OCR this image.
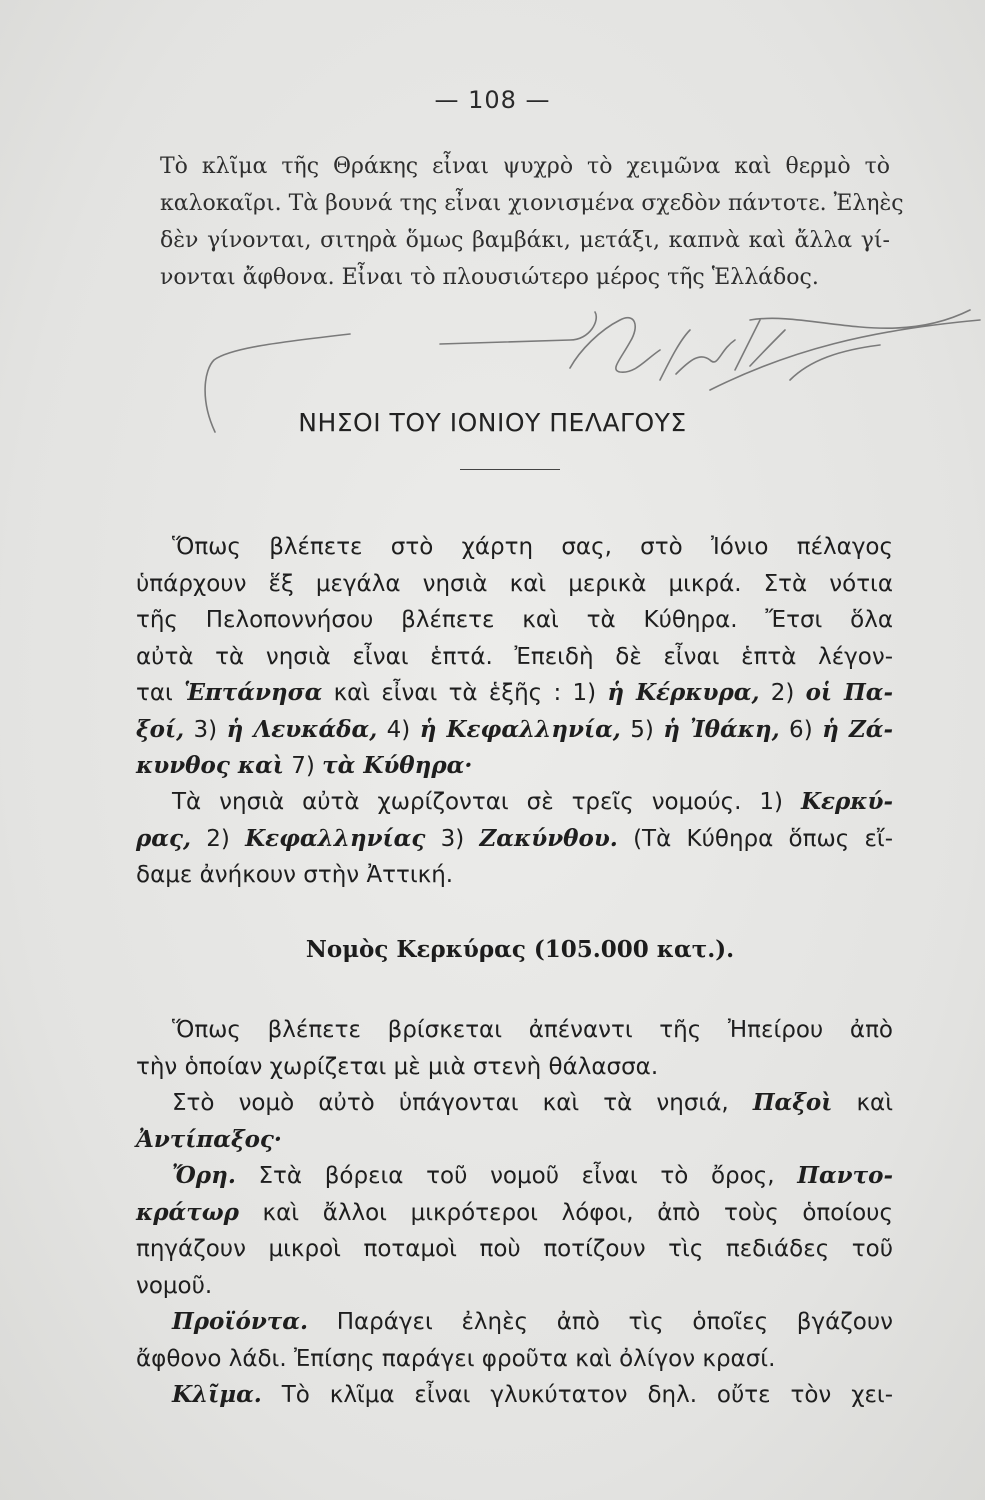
— 108 —
Τὸ κλῖμα τῆς Θράκης εἶναι ψυχρὸ τὸ χειμῶνα καὶ θερμὸ τὸ
καλοκαῖρι. Τὰ βουνά της εἶναι χιονισμένα σχεδὸν πάντοτε. Ἐληὲς
δὲν γίνονται, σιτηρὰ ὅμως βαμβάκι, μετάξι, καπνὰ καὶ ἄλλα γί-
νονται ἄφθονα. Εἶναι τὸ πλουσιώτερο μέρος τῆς Ἑλλάδος.
ΝΗΣΟΙ ΤΟΥ ΙΟΝΙΟΥ ΠΕΛΑΓΟΥΣ
Ὅπως βλέπετε στὸ χάρτη σας, στὸ Ἰόνιο πέλαγος
ὑπάρχουν ἕξ μεγάλα νησιὰ καὶ μερικὰ μικρά. Στὰ νότια
τῆς Πελοποννήσου βλέπετε καὶ τὰ Κύθηρα. Ἔτσι ὅλα
αὐτὰ τὰ νησιὰ εἶναι ἑπτά. Ἐπειδὴ δὲ εἶναι ἑπτὰ λέγον-
ται Ἑπτάνησα καὶ εἶναι τὰ ἑξῆς : 1) ἡ Κέρκυρα, 2) οἱ Πα-
ξοί, 3) ἡ Λευκάδα, 4) ἡ Κεφαλληνία, 5) ἡ Ἰθάκη, 6) ἡ Ζά-
κυνθος καὶ 7) τὰ Κύθηρα·
Τὰ νησιὰ αὐτὰ χωρίζονται σὲ τρεῖς νομούς. 1) Κερκύ-
ρας, 2) Κεφαλληνίας 3) Ζακύνθου. (Τὰ Κύθηρα ὅπως εἴ-
δαμε ἀνήκουν στὴν Ἀττική.
Νομὸς Κερκύρας (105.000 κατ.).
Ὅπως βλέπετε βρίσκεται ἀπέναντι τῆς Ἠπείρου ἀπὸ
τὴν ὁποίαν χωρίζεται μὲ μιὰ στενὴ θάλασσα.
Στὸ νομὸ αὐτὸ ὑπάγονται καὶ τὰ νησιά, Παξοὶ καὶ
Ἀντίπαξος·
Ὄρη. Στὰ βόρεια τοῦ νομοῦ εἶναι τὸ ὄρος, Παντο-
κράτωρ καὶ ἄλλοι μικρότεροι λόφοι, ἀπὸ τοὺς ὁποίους
πηγάζουν μικροὶ ποταμοὶ ποὺ ποτίζουν τὶς πεδιάδες τοῦ
νομοῦ.
Προϊόντα. Παράγει ἐληὲς ἀπὸ τὶς ὁποῖες βγάζουν
ἄφθονο λάδι. Ἐπίσης παράγει φροῦτα καὶ ὀλίγον κρασί.
Κλῖμα. Τὸ κλῖμα εἶναι γλυκύτατον δηλ. οὔτε τὸν χει-
